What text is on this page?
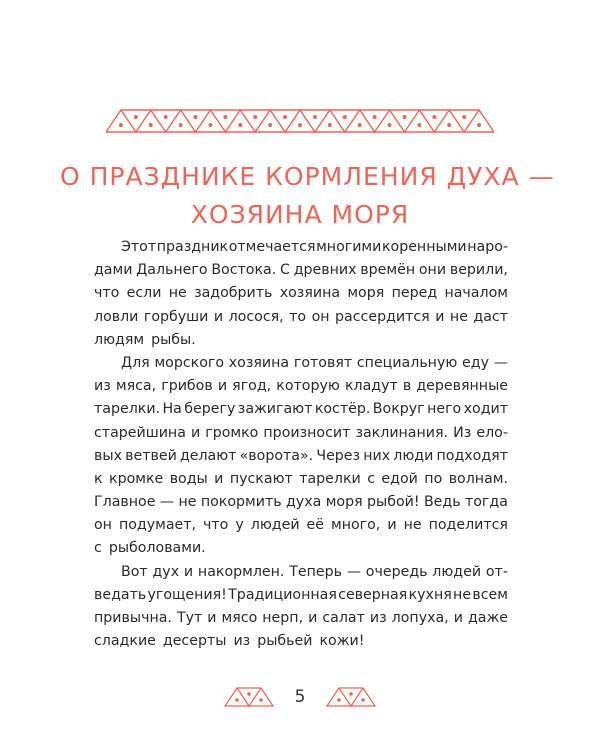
О ПРАЗДНИКЕ КОРМЛЕНИЯ ДУХА —
ХОЗЯИНА МОРЯ
Этот праздник отмечается многими коренными наро-
дами Дальнего Востока. С древних времён они верили,
что если не задобрить хозяина моря перед началом
ловли горбуши и лосося, то он рассердится и не даст
людям рыбы.
Для морского хозяина готовят специальную еду —
из мяса, грибов и ягод, которую кладут в деревянные
тарелки. На берегу зажигают костёр. Вокруг него ходит
старейшина и громко произносит заклинания. Из ело-
вых ветвей делают «ворота». Через них люди подходят
к кромке воды и пускают тарелки с едой по волнам.
Главное — не покормить духа моря рыбой! Ведь тогда
он подумает, что у людей её много, и не поделится
с рыболовами.
Вот дух и накормлен. Теперь — очередь людей от-
ведать угощения! Традиционная северная кухня не всем
привычна. Тут и мясо нерп, и салат из лопуха, и даже
сладкие десерты из рыбьей кожи!
5
